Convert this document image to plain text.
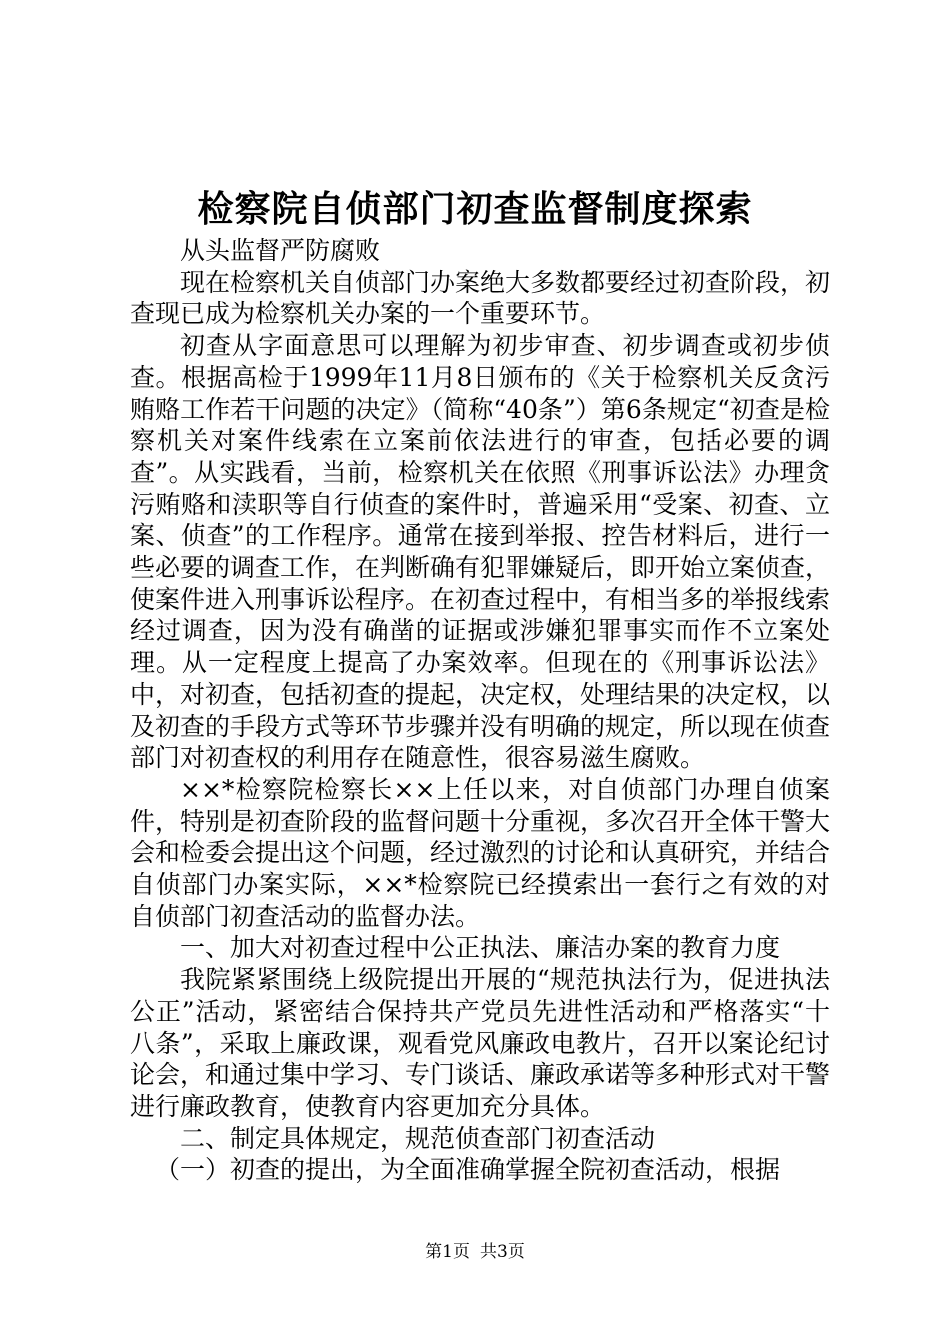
检察院自侦部门初查监督制度探索

从头监督严防腐败

现在检察机关自侦部门办案绝大多数都要经过初查阶段，初查现已成为检察机关办案的一个重要环节。

初查从字面意思可以理解为初步审查、初步调查或初步侦查。根据高检于1999年11月8日颁布的《关于检察机关反贪污贿赂工作若干问题的决定》（简称“40条”）第6条规定“初查是检察机关对案件线索在立案前依法进行的审查，包括必要的调查”。从实践看，当前，检察机关在依照《刑事诉讼法》办理贪污贿赂和渎职等自行侦查的案件时，普遍采用“受案、初查、立案、侦查”的工作程序。通常在接到举报、控告材料后，进行一些必要的调查工作，在判断确有犯罪嫌疑后，即开始立案侦查，使案件进入刑事诉讼程序。在初查过程中，有相当多的举报线索经过调查，因为没有确凿的证据或涉嫌犯罪事实而作不立案处理。从一定程度上提高了办案效率。但现在的《刑事诉讼法》中，对初查，包括初查的提起，决定权，处理结果的决定权，以及初查的手段方式等环节步骤并没有明确的规定，所以现在侦查部门对初查权的利用存在随意性，很容易滋生腐败。

××*检察院检察长××上任以来，对自侦部门办理自侦案件，特别是初查阶段的监督问题十分重视，多次召开全体干警大会和检委会提出这个问题，经过激烈的讨论和认真研究，并结合自侦部门办案实际，××*检察院已经摸索出一套行之有效的对自侦部门初查活动的监督办法。

一、加大对初查过程中公正执法、廉洁办案的教育力度

我院紧紧围绕上级院提出开展的“规范执法行为，促进执法公正”活动，紧密结合保持共产党员先进性活动和严格落实“十八条”，采取上廉政课，观看党风廉政电教片，召开以案论纪讨论会，和通过集中学习、专门谈话、廉政承诺等多种形式对干警进行廉政教育，使教育内容更加充分具体。

二、制定具体规定，规范侦查部门初查活动

（一）初查的提出，为全面准确掌握全院初查活动，根据

第1页 共3页
